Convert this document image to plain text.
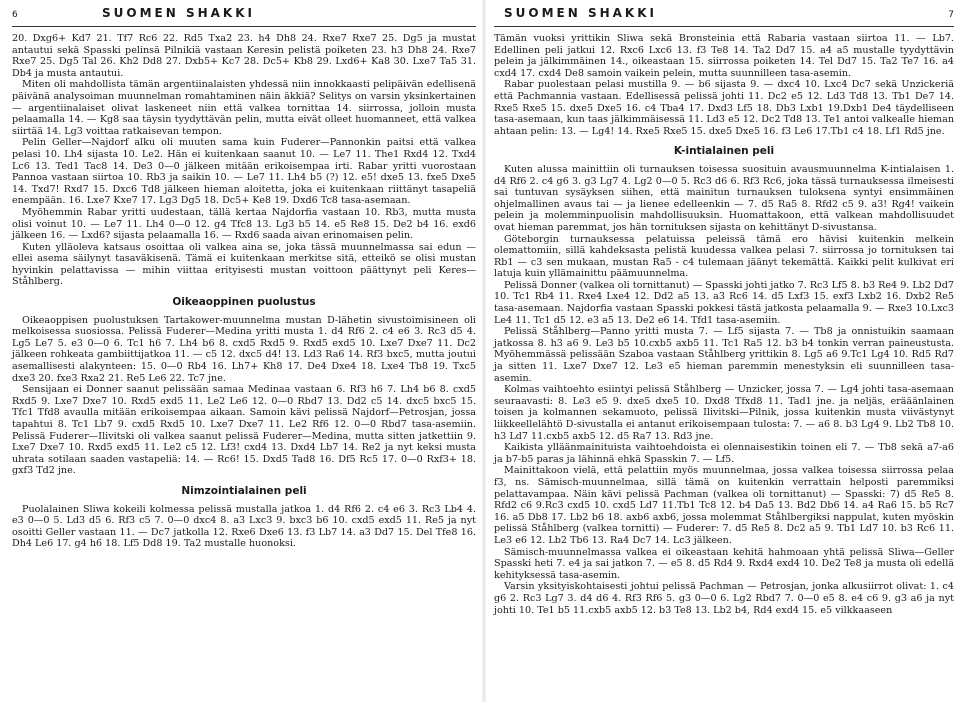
6	SUOMEN SHAKKI

20. Dxg6+ Kd7 21. Tf7 Rc6 22. Rd5 Txa2 23. h4 Dh8 24. Rxe7 Rxe7 25. Dg5 ja mustat antautui sekä Spasski pelinsä Pilnikiä vastaan Keresin pelistä poiketen 23. h3 Dh8 24. Rxe7 Rxe7 25. Dg5 Tal 26. Kh2 Dd8 27. Dxb5+ Kc7 28. Dc5+ Kb8 29. Lxd6+ Ka8 30. Lxe7 Ta5 31. Db4 ja musta antautui.

Miten oli mahdollista tämän argentiinalaisten yhdessä niin innokkaasti pelipäivän edellisenä päivänä analysoiman muunnelman romahtaminen näin äkkiä? Selitys on varsin yksinkertainen — argentiinalaiset olivat laskeneet niin että valkea tornittaa 14. siirrossa, jolloin musta pelaamalla 14. — Kg8 saa täysin tyydyttävän pelin, mutta eivät olleet huomanneet, että valkea siirtää 14. Lg3 voittaa ratkaisevan tempon.

Pelin Geller—Najdorf alku oli muuten sama kuin Fuderer—Pannonkin paitsi että valkea pelasi 10. Lh4 sijasta 10. Le2. Hän ei kuitenkaan saanut 10. — Le7 11. The1 Rxd4 12. Txd4 Lc6 13. Ted1 Tac8 14. De3 0—0 jälkeen mitään erikoisempaa irti. Rabar yritti vuorostaan Pannoa vastaan siirtoa 10. Rb3 ja saikin 10. — Le7 11. Lh4 b5 (?) 12. e5! dxe5 13. fxe5 Dxe5 14. Txd7! Rxd7 15. Dxc6 Td8 jälkeen hieman aloitetta, joka ei kuitenkaan riittänyt tasapeliä enempään. 16. Lxe7 Kxe7 17. Lg3 Dg5 18. Dc5+ Ke8 19. Dxd6 Tc8 tasa-asemaan.

Myöhemmin Rabar yritti uudestaan, tällä kertaa Najdorfia vastaan 10. Rb3, mutta musta olisi voinut 10. — Le7 11. Lh4 0—0 12. g4 Tfc8 13. Lg3 b5 14. e5 Re8 15. De2 b4 16. exd6 jälkeen 16. — Lxd6? sijasta pelaamalla 16. — Rxd6 saada aivan erinomaisen pelin.

Kuten ylläoleva katsaus osoittaa oli valkea aina se, joka tässä muunnelmassa sai edun — ellei asema säilynyt tasaväkisenä. Tämä ei kuitenkaan merkitse sitä, etteikö se olisi mustan hyvinkin pelattavissa — mihin viittaa erityisesti mustan voittoon päättynyt peli Keres—Ståhlberg.

Oikeaoppinen puolustus

Oikeaoppisen puolustuksen Tartakower-muunnelma mustan D-lähetin sivustoimisineen oli melkoisessa suosiossa. Pelissä Fuderer—Medina yritti musta 1. d4 Rf6 2. c4 e6 3. Rc3 d5 4. Lg5 Le7 5. e3 0—0 6. Tc1 h6 7. Lh4 b6 8. cxd5 Rxd5 9. Rxd5 exd5 10. Lxe7 Dxe7 11. Dc2 jälkeen rohkeata gambiittijatkoa 11. — c5 12. dxc5 d4! 13. Ld3 Ra6 14. Rf3 bxc5, mutta joutui asemallisesti alakynteen: 15. 0—0 Rb4 16. Lh7+ Kh8 17. De4 Dxe4 18. Lxe4 Tb8 19. Txc5 dxe3 20. fxe3 Rxa2 21. Re5 Le6 22. Tc7 jne.

Sensijaan ei Donner saanut pelissään samaa Medinaa vastaan 6. Rf3 h6 7. Lh4 b6 8. cxd5 Rxd5 9. Lxe7 Dxe7 10. Rxd5 exd5 11. Le2 Le6 12. 0—0 Rbd7 13. Dd2 c5 14. dxc5 bxc5 15. Tfc1 Tfd8 avaulla mitään erikoisempaa aikaan. Samoin kävi pelissä Najdorf—Petrosjan, jossa tapahtui 8. Tc1 Lb7 9. cxd5 Rxd5 10. Lxe7 Dxe7 11. Le2 Rf6 12. 0—0 Rbd7 tasa-asemiin. Pelissä Fuderer—Ilivitski oli valkea saanut pelissä Fuderer—Medina, mutta sitten jatkettiin 9. Lxe7 Dxe7 10. Rxd5 exd5 11. Le2 c5 12. Lf3! cxd4 13. Dxd4 Lb7 14. Re2 ja nyt keksi musta uhrata sotilaan saaden vastapeliä: 14. — Rc6! 15. Dxd5 Tad8 16. Df5 Rc5 17. 0—0 Rxf3+ 18. gxf3 Td2 jne.

Nimzointialainen peli

Puolalainen Sliwa kokeili kolmessa pelissä mustalla jatkoa 1. d4 Rf6 2. c4 e6 3. Rc3 Lb4 4. e3 0—0 5. Ld3 d5 6. Rf3 c5 7. 0—0 dxc4 8. a3 Lxc3 9. bxc3 b6 10. cxd5 exd5 11. Re5 ja nyt osoitti Geller vastaan 11. — Dc7 jatkolla 12. Rxe6 Dxe6 13. f3 Lb7 14. a3 Dd7 15. Del Tfe8 16. Dh4 Le6 17. g4 h6 18. Lf5 Dd8 19. Ta2 mustalle huonoksi.

SUOMEN SHAKKI	7

Tämän vuoksi yrittikin Sliwa sekä Bronsteinia että Rabaria vastaan siirtoa 11. — Lb7. Edellinen peli jatkui 12. Rxc6 Lxc6 13. f3 Te8 14. Ta2 Dd7 15. a4 a5 mustalle tyydyttävin pelein ja jälkimmäinen 14., oikeastaan 15. siirrossa poiketen 14. Tel Dd7 15. Ta2 Te7 16. a4 cxd4 17. cxd4 De8 samoin vaikein pelein, mutta suunnilleen tasa-asemin.

Rabar puolestaan pelasi mustilla 9. — b6 sijasta 9. — dxc4 10. Lxc4 Dc7 sekä Unzickeriä että Pachmannia vastaan. Edellisessä pelissä johti 11. Dc2 e5 12. Ld3 Td8 13. Tb1 De7 14. Rxe5 Rxe5 15. dxe5 Dxe5 16. c4 Tba4 17. Dxd3 Lf5 18. Db3 Lxb1 19.Dxb1 De4 täydelliseen tasa-asemaan, kun taas jälkimmäisessä 11. Ld3 e5 12. Dc2 Td8 13. Te1 antoi valkealle hieman ahtaan pelin: 13. — Lg4! 14. Rxe5 Rxe5 15. dxe5 Dxe5 16. f3 Le6 17.Tb1 c4 18. Lf1 Rd5 jne.

K-intialainen peli

Kuten alussa mainittiin oli turnauksen toisessa suosituin avausmuunnelma K-intialaisen 1. d4 Rf6 2. c4 g6 3. g3 Lg7 4. Lg2 0—0 5. Rc3 d6 6. Rf3 Rc6, joka tässä turnauksessa ilmeisesti sai tuntuvan sysäyksen siihen, että mainitun turnauksen tuloksena syntyi ensimmäinen ohjelmallinen avaus tai — ja lienee edelleenkin — 7. d5 Ra5 8. Rfd2 c5 9. a3! Rg4! vaikein pelein ja molemminpuolisin mahdollisuuksin. Huomattakoon, että valkean mahdollisuudet ovat hieman paremmat, jos hän tornituksen sijasta on kehittänyt D-sivustansa.

Göteborgin turnauksessa pelatuissa peleissä tämä ero hävisi kuitenkin melkein olemattomiin, sillä kahdeksasta pelistä kuudessa valkea pelasi 7. siirrossa jo tornituksen tai Rb1 — c3 sen mukaan, mustan Ra5 - c4 tulemaan jäänyt tekemättä. Kaikki pelit kulkivat eri latuja kuin yllämainittu päämuunnelma.

Pelissä Donner (valkea oli tornittanut) — Spasski johti jatko 7. Rc3 Lf5 8. b3 Re4 9. Lb2 Dd7 10. Tc1 Rb4 11. Rxe4 Lxe4 12. Dd2 a5 13. a3 Rc6 14. d5 Lxf3 15. exf3 Lxb2 16. Dxb2 Re5 tasa-asemaan. Najdorfia vastaan Spasski pokkesi tästä jatkosta pelaamalla 9. — Rxe3 10.Lxc3 Le4 11. Tc1 d5 12. e3 a5 13. De2 e6 14. Tfd1 tasa-asemiin.

Pelissä Ståhlberg—Panno yritti musta 7. — Lf5 sijasta 7. — Tb8 ja onnistuikin saamaan jatkossa 8. h3 a6 9. Le3 b5 10.cxb5 axb5 11. Tc1 Ra5 12. b3 b4 tonkin verran paineustusta. Myöhemmässä pelissään Szaboa vastaan Ståhlberg yrittikin 8. Lg5 a6 9.Tc1 Lg4 10. Rd5 Rd7 ja sitten 11. Lxe7 Dxe7 12. Le3 e5 hieman paremmin menestyksin eli suunnilleen tasa-asemin.

Kolmas vaihtoehto esiintyi pelissä Ståhlberg — Unzicker, jossa 7. — Lg4 johti tasa-asemaan seuraavasti: 8. Le3 e5 9. dxe5 dxe5 10. Dxd8 Tfxd8 11. Tad1 jne. ja neljäs, erääänlainen toisen ja kolmannen sekamuoto, pelissä Ilivitski—Pilnik, jossa kuitenkin musta viivästynyt liikkeellelähtö D-sivustalla ei antanut erikoisempaan tulosta: 7. — a6 8. b3 Lg4 9. Lb2 Tb8 10. h3 Ld7 11.cxb5 axb5 12. d5 Ra7 13. Rd3 jne.

Kaikista ylläänmainituista vaihtoehdoista ei olennaisestikin toinen eli 7. — Tb8 sekä a7-a6 ja b7-b5 paras ja lähinnä ehkä Spasskin 7. — Lf5.

Mainittakoon vielä, että pelattiin myös muunnelmaa, jossa valkea toisessa siirrossa pelaa f3, ns. Sämisch-muunnelmaa, sillä tämä on kuitenkin verrattain helposti paremmiksi pelattavampaa. Näin kävi pelissä Pachman (valkea oli tornittanut) — Spasski: 7) d5 Re5 8. Rfd2 c6 9.Rc3 cxd5 10. cxd5 Ld7 11.Tb1 Tc8 12. b4 Da5 13. Bd2 Db6 14. a4 Ra6 15. b5 Rc7 16. a5 Db8 17. Lb2 b6 18. axb6 axb6, jossa molemmat Ståhlbergiksi nappulat, kuten myöskin pelissä Ståhlberg (valkea tornitti) — Fuderer: 7. d5 Re5 8. Dc2 a5 9. Tb1 Ld7 10. b3 Rc6 11. Le3 e6 12. Lb2 Tb6 13. Ra4 Dc7 14. Lc3 jälkeen.

Sämisch-muunnelmassa valkea ei oikeastaan kehitä hahmoaan yhtä pelissä Sliwa—Geller Spasski heti 7. e4 ja sai jatkon 7. — e5 8. d5 Rd4 9. Rxd4 exd4 10. De2 Te8 ja musta oli edellä kehityksessä tasa-asemin.

Varsin yksityiskohtaisesti johtui pelissä Pachman — Petrosjan, jonka alkusiirrot olivat: 1. c4 g6 2. Rc3 Lg7 3. d4 d6 4. Rf3 Rf6 5. g3 0—0 6. Lg2 Rbd7 7. 0—0 e5 8. e4 c6 9. g3 a6 ja nyt johti 10. Te1 b5 11.cxb5 axb5 12. b3 Te8 13. Lb2 b4, Rd4 exd4 15. e5 vilkkaaseen
